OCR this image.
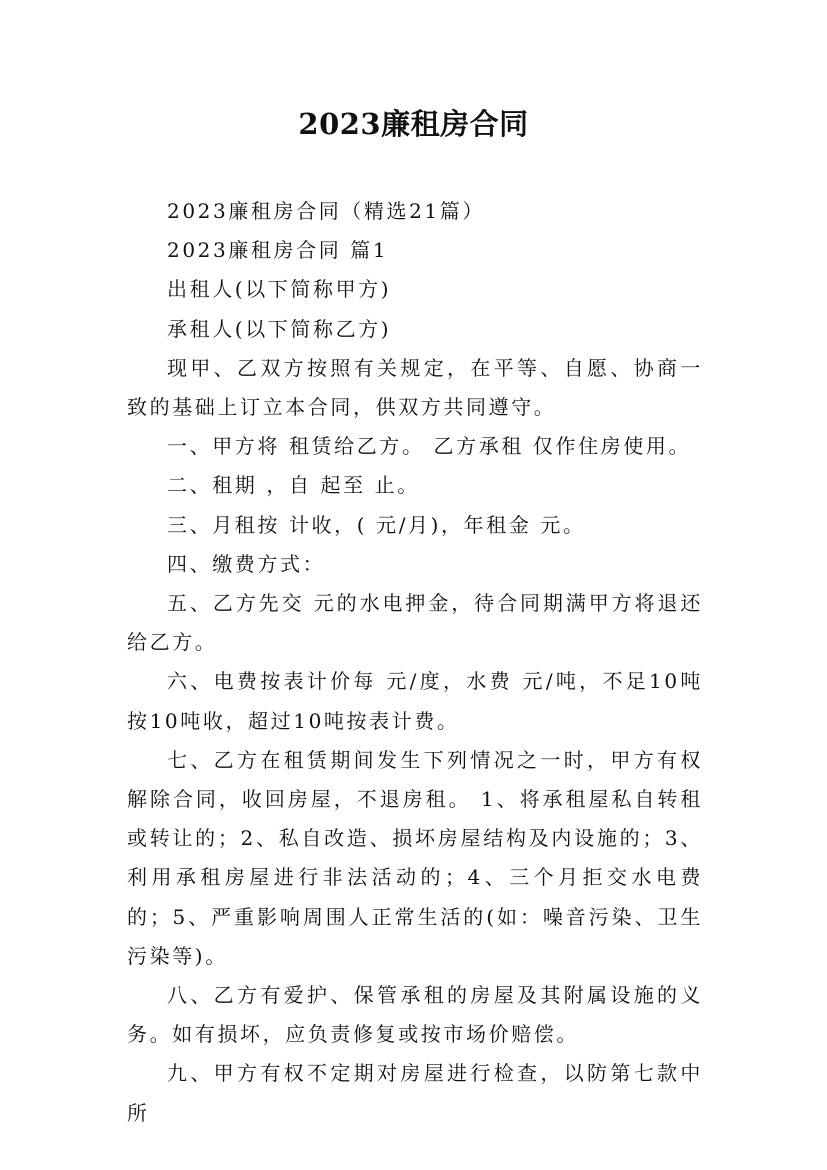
2023廉租房合同

2023廉租房合同（精选21篇）

2023廉租房合同 篇1

出租人(以下简称甲方)

承租人(以下简称乙方)

现甲、乙双方按照有关规定，在平等、自愿、协商一致的基础上订立本合同，供双方共同遵守。

一、甲方将 租赁给乙方。 乙方承租 仅作住房使用。

二、租期 ，自 起至 止。

三、月租按 计收，( 元/月)，年租金 元。

四、缴费方式：

五、乙方先交 元的水电押金，待合同期满甲方将退还给乙方。

六、电费按表计价每 元/度，水费 元/吨，不足10吨按10吨收，超过10吨按表计费。

七、乙方在租赁期间发生下列情况之一时，甲方有权解除合同，收回房屋，不退房租。 1、将承租屋私自转租或转让的；2、私自改造、损坏房屋结构及内设施的；3、利用承租房屋进行非法活动的；4、三个月拒交水电费的；5、严重影响周围人正常生活的(如：噪音污染、卫生污染等)。

八、乙方有爱护、保管承租的房屋及其附属设施的义务。如有损坏，应负责修复或按市场价赔偿。

九、甲方有权不定期对房屋进行检查，以防第七款中所
